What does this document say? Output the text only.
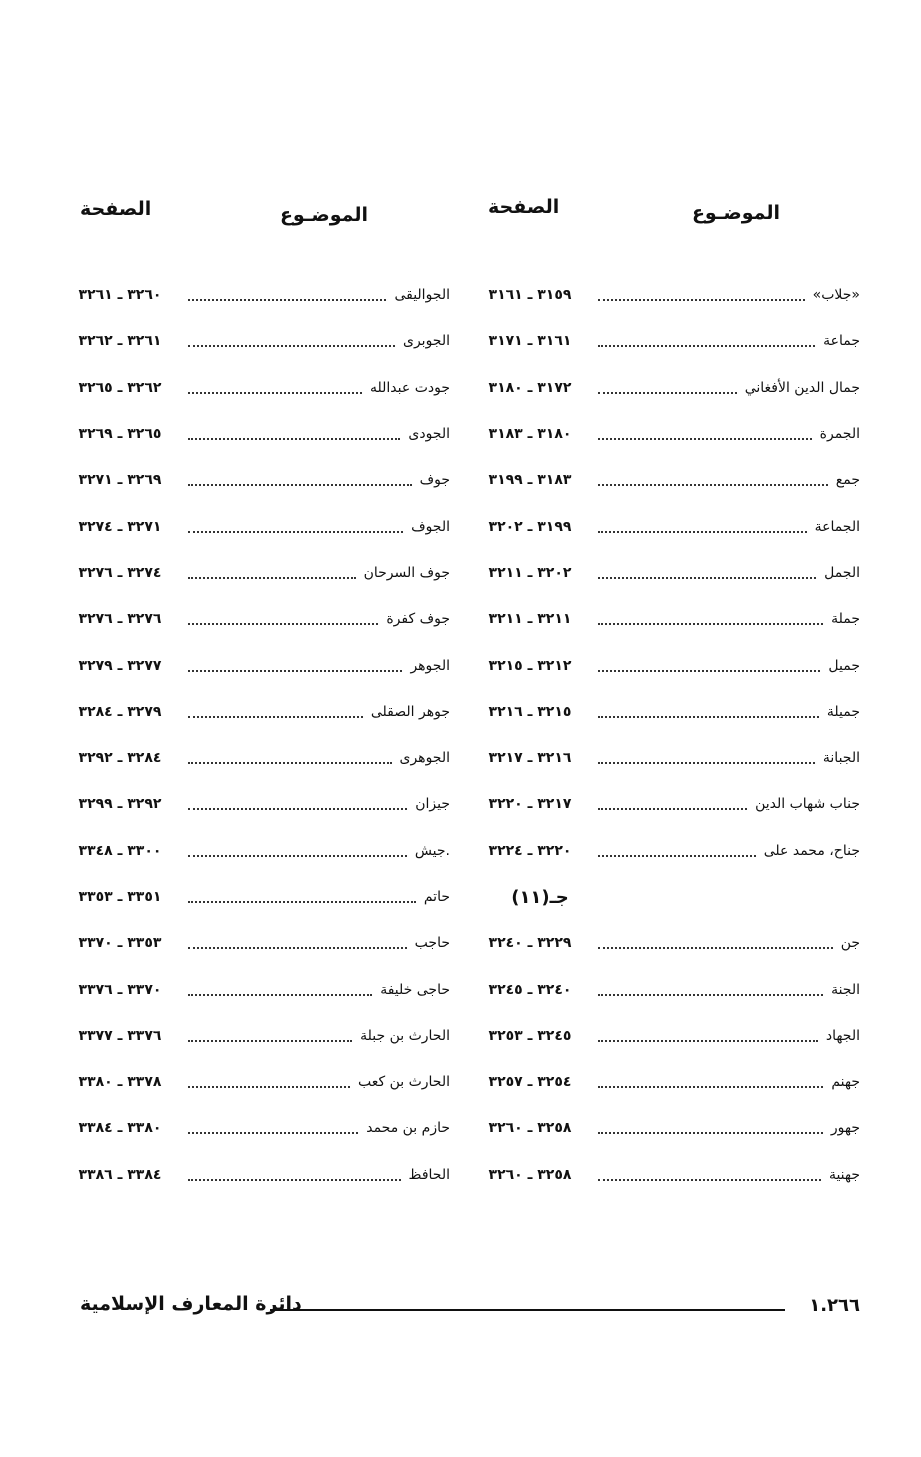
الموضـوع
الصفحة
«جلاب»
٣١٥٩ ـ ٣١٦١
جماعة
٣١٦١ ـ ٣١٧١
جمال الدين الأفغاني
٣١٧٢ ـ ٣١٨٠
الجمرة
٣١٨٠ ـ ٣١٨٣
جمع
٣١٨٣ ـ ٣١٩٩
الجماعة
٣١٩٩ ـ ٣٢٠٢
الجمل
٣٢٠٢ ـ ٣٢١١
جملة
٣٢١١ ـ ٣٢١١
جميل
٣٢١٢ ـ ٣٢١٥
جميلة
٣٢١٥ ـ ٣٢١٦
الجبانة
٣٢١٦ ـ ٣٢١٧
جناب شهاب الدين
٣٢١٧ ـ ٣٢٢٠
جناح، محمد على
٣٢٢٠ ـ ٣٢٢٤
جـ(١١)
جن
٣٢٢٩ ـ ٣٢٤٠
الجنة
٣٢٤٠ ـ ٣٢٤٥
الجهاد
٣٢٤٥ ـ ٣٢٥٣
جهنم
٣٢٥٤ ـ ٣٢٥٧
جهور
٣٢٥٨ ـ ٣٢٦٠
جهنية
٣٢٥٨ ـ ٣٢٦٠
الموضـوع
الصفحة
الجواليقى
٣٢٦٠ ـ ٣٢٦١
الجوبرى
٣٢٦١ ـ ٣٢٦٢
جودت عبدالله
٣٢٦٢ ـ ٣٢٦٥
الجودى
٣٢٦٥ ـ ٣٢٦٩
جوف
٣٢٦٩ ـ ٣٢٧١
الجوف
٣٢٧١ ـ ٣٢٧٤
جوف السرحان
٣٢٧٤ ـ ٣٢٧٦
جوف كفرة
٣٢٧٦ ـ ٣٢٧٦
الجوهر
٣٢٧٧ ـ ٣٢٧٩
جوهر الصقلى
٣٢٧٩ ـ ٣٢٨٤
الجوهرى
٣٢٨٤ ـ ٣٢٩٢
جيزان
٣٢٩٢ ـ ٣٢٩٩
.جيش
٣٣٠٠ ـ ٣٣٤٨
حاتم
٣٣٥١ ـ ٣٣٥٣
حاجب
٣٣٥٣ ـ ٣٣٧٠
حاجى خليفة
٣٣٧٠ ـ ٣٣٧٦
الحارث بن جبلة
٣٣٧٦ ـ ٣٣٧٧
الحارث بن كعب
٣٣٧٨ ـ ٣٣٨٠
حازم بن محمد
٣٣٨٠ ـ ٣٣٨٤
الحافظ
٣٣٨٤ ـ ٣٣٨٦
١.٢٦٦
دائرة المعارف الإسلامية
